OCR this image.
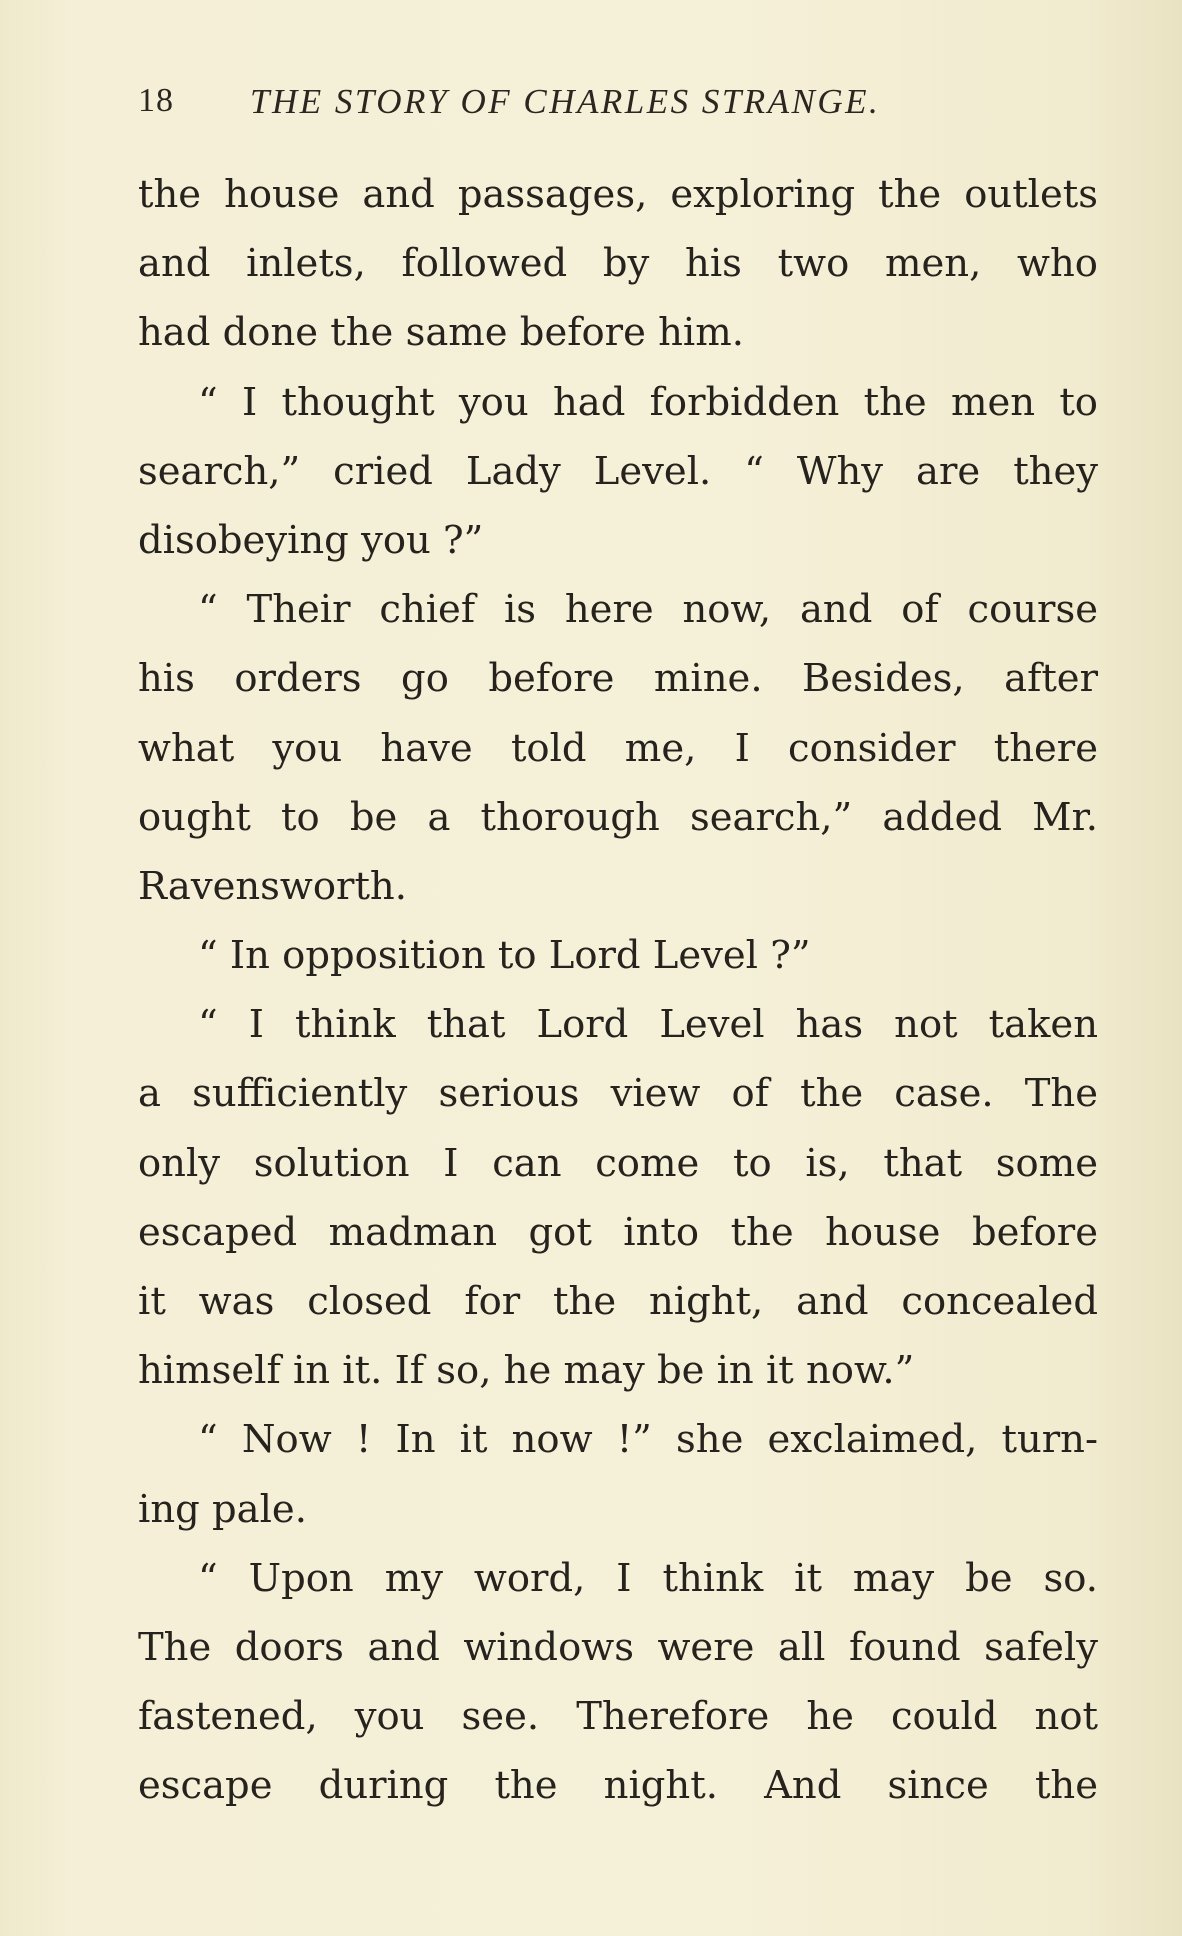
18 THE STORY OF CHARLES STRANGE.
the house and passages, exploring the outlets
and inlets, followed by his two men, who
had done the same before him.
“ I thought you had forbidden the men to
search,” cried Lady Level. “ Why are they
disobeying you ?”
“ Their chief is here now, and of course
his orders go before mine. Besides, after
what you have told me, I consider there
ought to be a thorough search,” added Mr.
Ravensworth.
“ In opposition to Lord Level ?”
“ I think that Lord Level has not taken
a sufficiently serious view of the case. The
only solution I can come to is, that some
escaped madman got into the house before
it was closed for the night, and concealed
himself in it. If so, he may be in it now.”
“ Now ! In it now !” she exclaimed, turn-
ing pale.
“ Upon my word, I think it may be so.
The doors and windows were all found safely
fastened, you see. Therefore he could not
escape during the night. And since the
